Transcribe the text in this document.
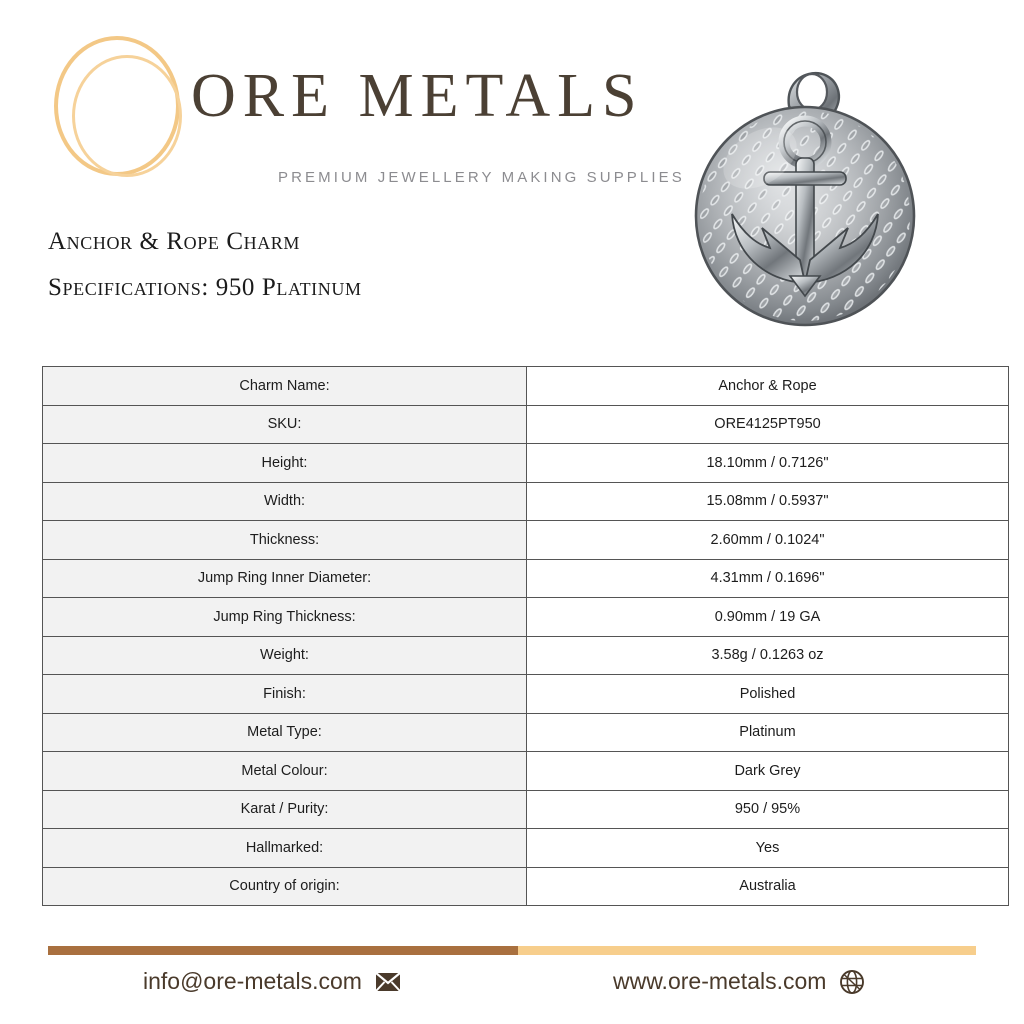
ORE METALS
PREMIUM JEWELLERY MAKING SUPPLIES
Anchor & Rope Charm
Specifications: 950 Platinum
Charm Name:	Anchor & Rope
SKU:	ORE4125PT950
Height:	18.10mm / 0.7126"
Width:	15.08mm / 0.5937"
Thickness:	2.60mm / 0.1024"
Jump Ring Inner Diameter:	4.31mm / 0.1696"
Jump Ring Thickness:	0.90mm / 19 GA
Weight:	3.58g / 0.1263 oz
Finish:	Polished
Metal Type:	Platinum
Metal Colour:	Dark Grey
Karat / Purity:	950 / 95%
Hallmarked:	Yes
Country of origin:	Australia
info@ore-metals.com	www.ore-metals.com
